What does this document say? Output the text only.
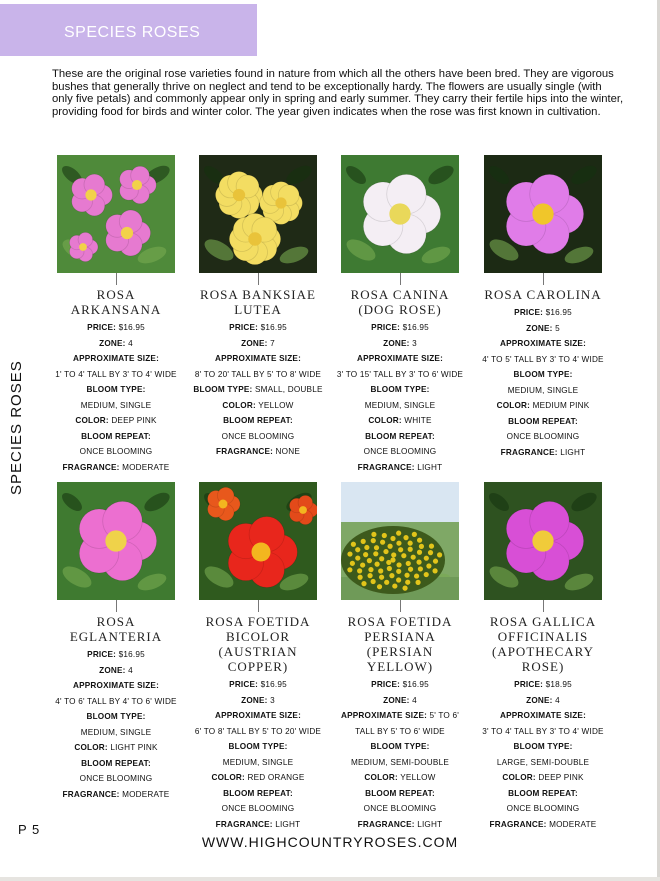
SPECIES ROSES

These are the original rose varieties found in nature from which all the others have been bred. They are vigorous bushes that generally thrive on neglect and tend to be exceptionally hardy. The flowers are usually single (with only five petals) and commonly appear only in spring and early summer. They carry their fertile hips into the winter, providing food for birds and winter color. The year given indicates when the rose was first known in cultivation.

SPECIES ROSES
ROSA ARKANSANA
PRICE: $16.95
ZONE: 4
APPROXIMATE SIZE:
1' TO 4' TALL BY 3' TO 4' WIDE
BLOOM TYPE:
MEDIUM, SINGLE
COLOR: DEEP PINK
BLOOM REPEAT:
ONCE BLOOMING
FRAGRANCE: MODERATE
ROSA BANKSIAE LUTEA
PRICE: $16.95
ZONE: 7
APPROXIMATE SIZE:
8' TO 20' TALL BY 5' TO 8' WIDE
BLOOM TYPE: SMALL, DOUBLE
COLOR: YELLOW
BLOOM REPEAT:
ONCE BLOOMING
FRAGRANCE: NONE
ROSA CANINA (DOG ROSE)
PRICE: $16.95
ZONE: 3
APPROXIMATE SIZE:
3' TO 15' TALL BY 3' TO 6' WIDE
BLOOM TYPE:
MEDIUM, SINGLE
COLOR: WHITE
BLOOM REPEAT:
ONCE BLOOMING
FRAGRANCE: LIGHT
ROSA CAROLINA
PRICE: $16.95
ZONE: 5
APPROXIMATE SIZE:
4' TO 5' TALL BY 3' TO 4' WIDE
BLOOM TYPE:
MEDIUM, SINGLE
COLOR: MEDIUM PINK
BLOOM REPEAT:
ONCE BLOOMING
FRAGRANCE: LIGHT
ROSA EGLANTERIA
PRICE: $16.95
ZONE: 4
APPROXIMATE SIZE:
4' TO 6' TALL BY 4' TO 6' WIDE
BLOOM TYPE:
MEDIUM, SINGLE
COLOR: LIGHT PINK
BLOOM REPEAT:
ONCE BLOOMING
FRAGRANCE: MODERATE
ROSA FOETIDA BICOLOR (AUSTRIAN COPPER)
PRICE: $16.95
ZONE: 3
APPROXIMATE SIZE:
6' TO 8' TALL BY 5' TO 20' WIDE
BLOOM TYPE:
MEDIUM, SINGLE
COLOR: RED ORANGE
BLOOM REPEAT:
ONCE BLOOMING
FRAGRANCE: LIGHT
ROSA FOETIDA PERSIANA (PERSIAN YELLOW)
PRICE: $16.95
ZONE: 4
APPROXIMATE SIZE: 5' TO 6'
TALL BY 5' TO 6' WIDE
BLOOM TYPE:
MEDIUM, SEMI-DOUBLE
COLOR: YELLOW
BLOOM REPEAT:
ONCE BLOOMING
FRAGRANCE: LIGHT
ROSA GALLICA OFFICINALIS (APOTHECARY ROSE)
PRICE: $18.95
ZONE: 4
APPROXIMATE SIZE:
3' TO 4' TALL BY 3' TO 4' WIDE
BLOOM TYPE:
LARGE, SEMI-DOUBLE
COLOR: DEEP PINK
BLOOM REPEAT:
ONCE BLOOMING
FRAGRANCE: MODERATE
P 5
WWW.HIGHCOUNTRYROSES.COM
